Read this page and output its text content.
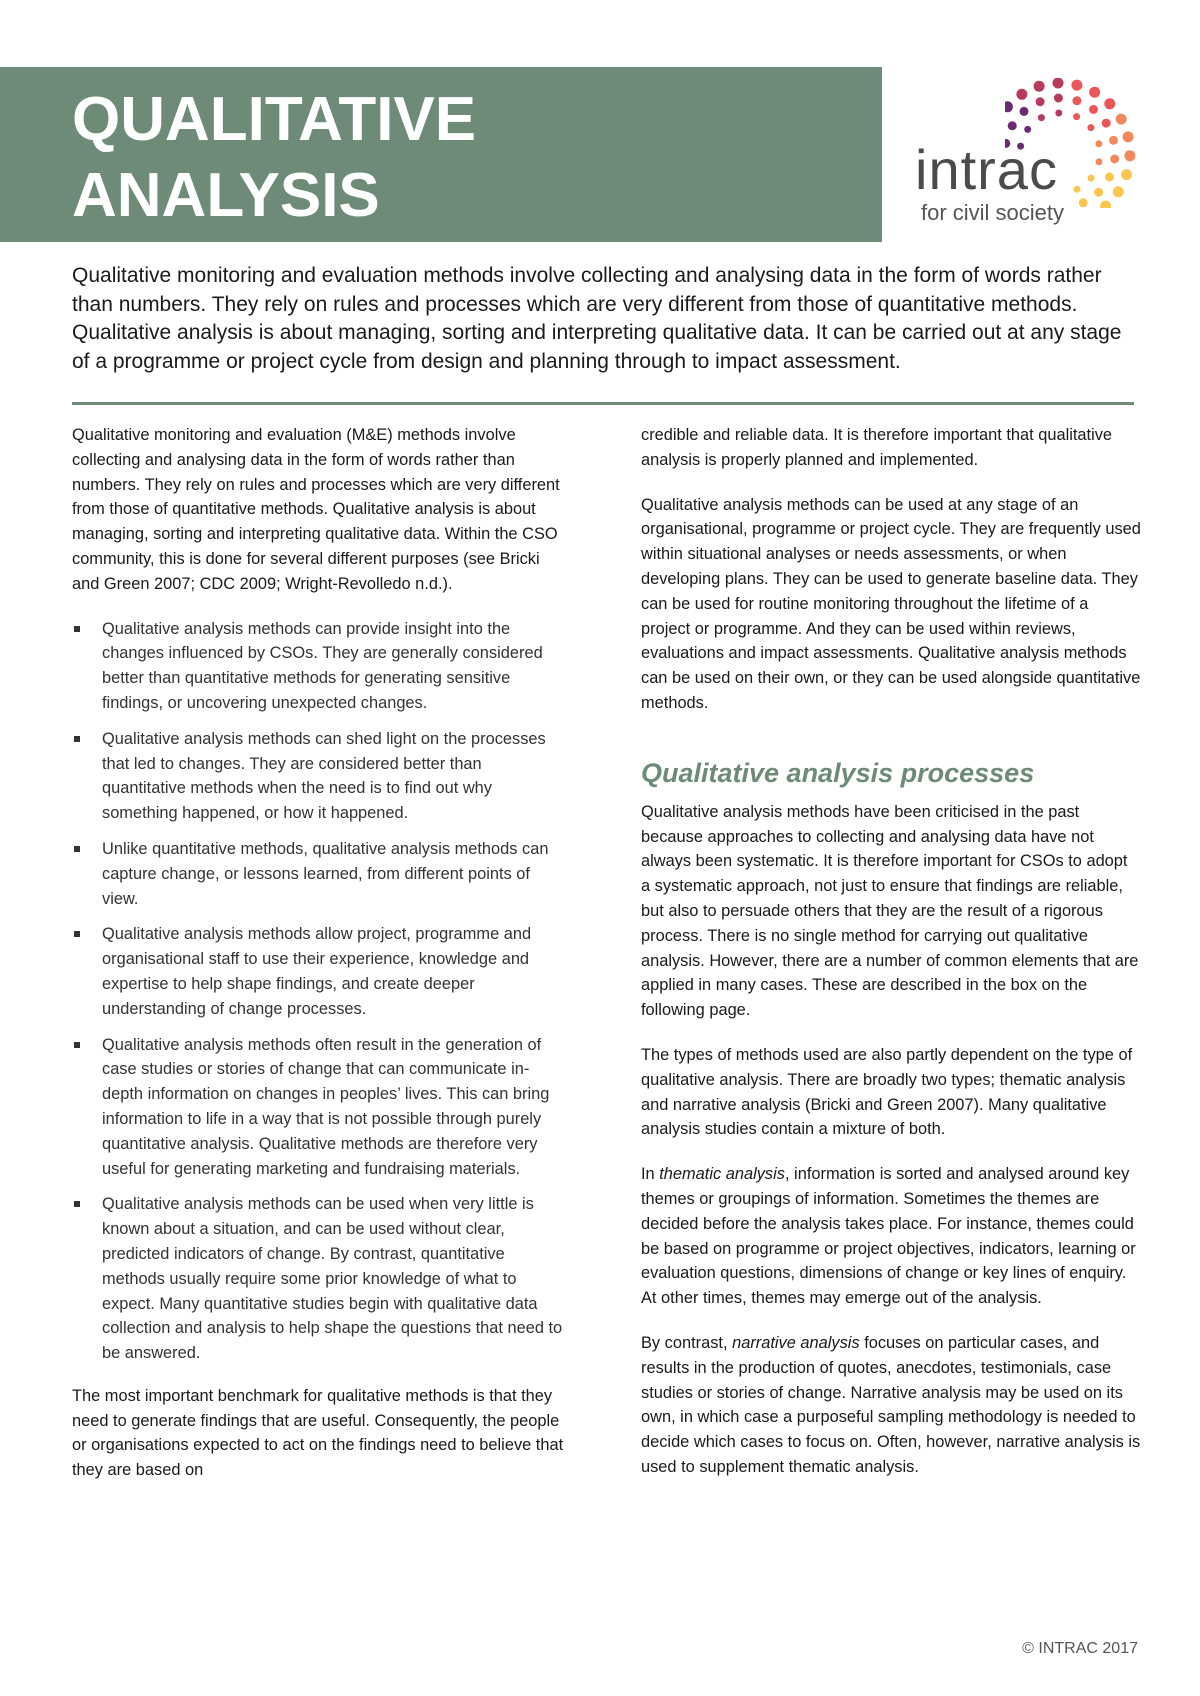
QUALITATIVE
ANALYSIS	intrac
for civil society

Qualitative monitoring and evaluation methods involve collecting and analysing data in the form of words rather than numbers. They rely on rules and processes which are very different from those of quantitative methods. Qualitative analysis is about managing, sorting and interpreting qualitative data. It can be carried out at any stage of a programme or project cycle from design and planning through to impact assessment.

Qualitative monitoring and evaluation (M&E) methods involve collecting and analysing data in the form of words rather than numbers. They rely on rules and processes which are very different from those of quantitative methods. Qualitative analysis is about managing, sorting and interpreting qualitative data. Within the CSO community, this is done for several different purposes (see Bricki and Green 2007; CDC 2009; Wright-Revolledo n.d.).

Qualitative analysis methods can provide insight into the changes influenced by CSOs. They are generally considered better than quantitative methods for generating sensitive findings, or uncovering unexpected changes.
Qualitative analysis methods can shed light on the processes that led to changes. They are considered better than quantitative methods when the need is to find out why something happened, or how it happened.
Unlike quantitative methods, qualitative analysis methods can capture change, or lessons learned, from different points of view.
Qualitative analysis methods allow project, programme and organisational staff to use their experience, knowledge and expertise to help shape findings, and create deeper understanding of change processes.
Qualitative analysis methods often result in the generation of case studies or stories of change that can communicate in-depth information on changes in peoples’ lives. This can bring information to life in a way that is not possible through purely quantitative analysis. Qualitative methods are therefore very useful for generating marketing and fundraising materials.
Qualitative analysis methods can be used when very little is known about a situation, and can be used without clear, predicted indicators of change. By contrast, quantitative methods usually require some prior knowledge of what to expect. Many quantitative studies begin with qualitative data collection and analysis to help shape the questions that need to be answered.

The most important benchmark for qualitative methods is that they need to generate findings that are useful. Consequently, the people or organisations expected to act on the findings need to believe that they are based on

credible and reliable data. It is therefore important that qualitative analysis is properly planned and implemented.

Qualitative analysis methods can be used at any stage of an organisational, programme or project cycle. They are frequently used within situational analyses or needs assessments, or when developing plans. They can be used to generate baseline data. They can be used for routine monitoring throughout the lifetime of a project or programme. And they can be used within reviews, evaluations and impact assessments. Qualitative analysis methods can be used on their own, or they can be used alongside quantitative methods.

Qualitative analysis processes

Qualitative analysis methods have been criticised in the past because approaches to collecting and analysing data have not always been systematic. It is therefore important for CSOs to adopt a systematic approach, not just to ensure that findings are reliable, but also to persuade others that they are the result of a rigorous process. There is no single method for carrying out qualitative analysis. However, there are a number of common elements that are applied in many cases. These are described in the box on the following page.

The types of methods used are also partly dependent on the type of qualitative analysis. There are broadly two types; thematic analysis and narrative analysis (Bricki and Green 2007). Many qualitative analysis studies contain a mixture of both.

In thematic analysis, information is sorted and analysed around key themes or groupings of information. Sometimes the themes are decided before the analysis takes place. For instance, themes could be based on programme or project objectives, indicators, learning or evaluation questions, dimensions of change or key lines of enquiry. At other times, themes may emerge out of the analysis.

By contrast, narrative analysis focuses on particular cases, and results in the production of quotes, anecdotes, testimonials, case studies or stories of change. Narrative analysis may be used on its own, in which case a purposeful sampling methodology is needed to decide which cases to focus on. Often, however, narrative analysis is used to supplement thematic analysis.

© INTRAC 2017
